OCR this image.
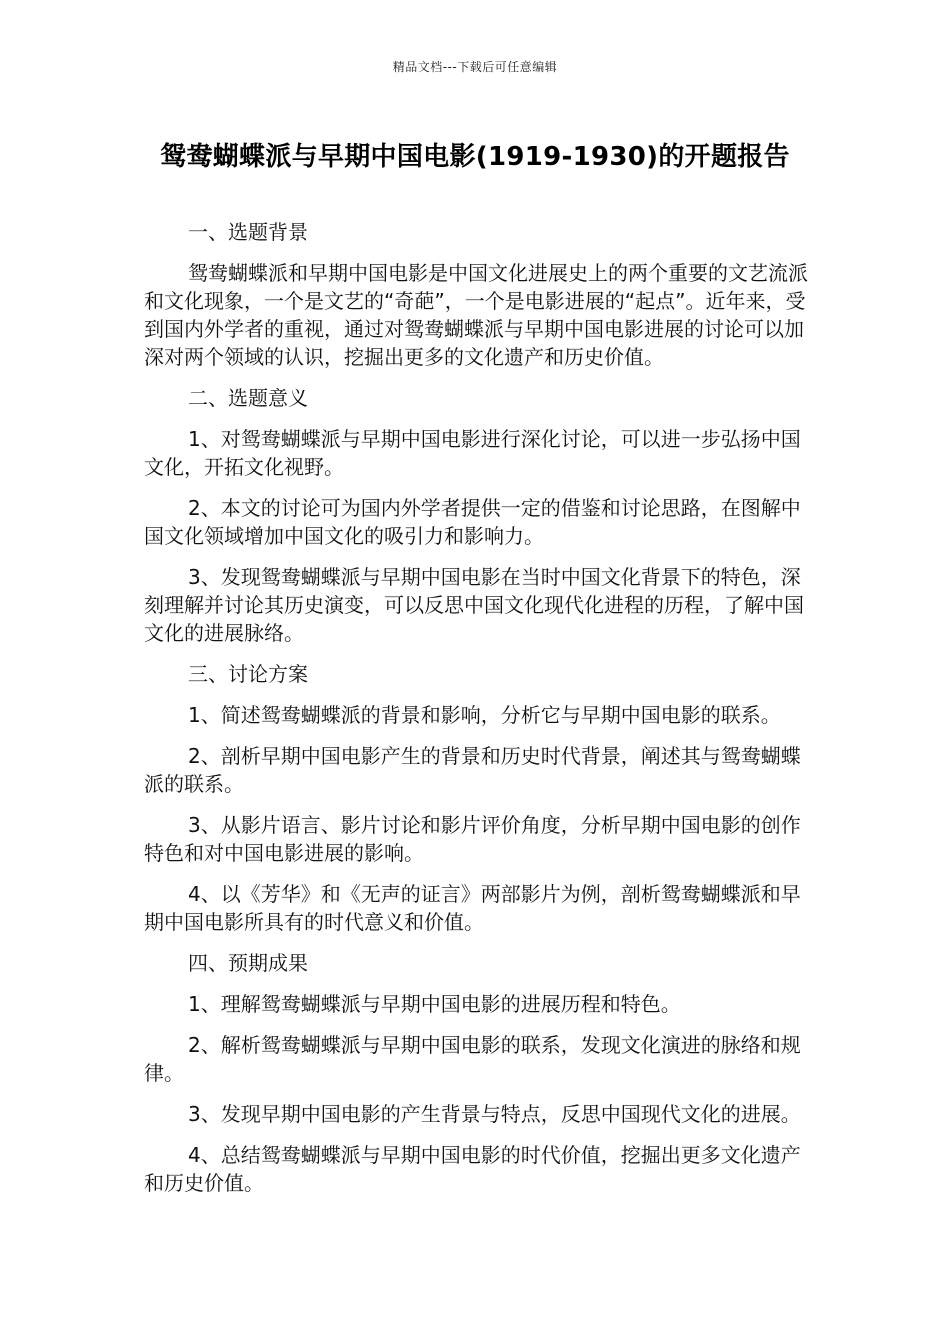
精品文档---下载后可任意编辑
鸳鸯蝴蝶派与早期中国电影(1919-1930)的开题报告
一、选题背景

鸳鸯蝴蝶派和早期中国电影是中国文化进展史上的两个重要的文艺流派和文化现象，一个是文艺的“奇葩”，一个是电影进展的“起点”。近年来，受到国内外学者的重视，通过对鸳鸯蝴蝶派与早期中国电影进展的讨论可以加深对两个领域的认识，挖掘出更多的文化遗产和历史价值。

二、选题意义

1、对鸳鸯蝴蝶派与早期中国电影进行深化讨论，可以进一步弘扬中国文化，开拓文化视野。

2、本文的讨论可为国内外学者提供一定的借鉴和讨论思路，在图解中国文化领域增加中国文化的吸引力和影响力。

3、发现鸳鸯蝴蝶派与早期中国电影在当时中国文化背景下的特色，深刻理解并讨论其历史演变，可以反思中国文化现代化进程的历程，了解中国文化的进展脉络。

三、讨论方案

1、简述鸳鸯蝴蝶派的背景和影响，分析它与早期中国电影的联系。

2、剖析早期中国电影产生的背景和历史时代背景，阐述其与鸳鸯蝴蝶派的联系。

3、从影片语言、影片讨论和影片评价角度，分析早期中国电影的创作特色和对中国电影进展的影响。

4、以《芳华》和《无声的证言》两部影片为例，剖析鸳鸯蝴蝶派和早期中国电影所具有的时代意义和价值。

四、预期成果

1、理解鸳鸯蝴蝶派与早期中国电影的进展历程和特色。

2、解析鸳鸯蝴蝶派与早期中国电影的联系，发现文化演进的脉络和规律。

3、发现早期中国电影的产生背景与特点，反思中国现代文化的进展。

4、总结鸳鸯蝴蝶派与早期中国电影的时代价值，挖掘出更多文化遗产和历史价值。
